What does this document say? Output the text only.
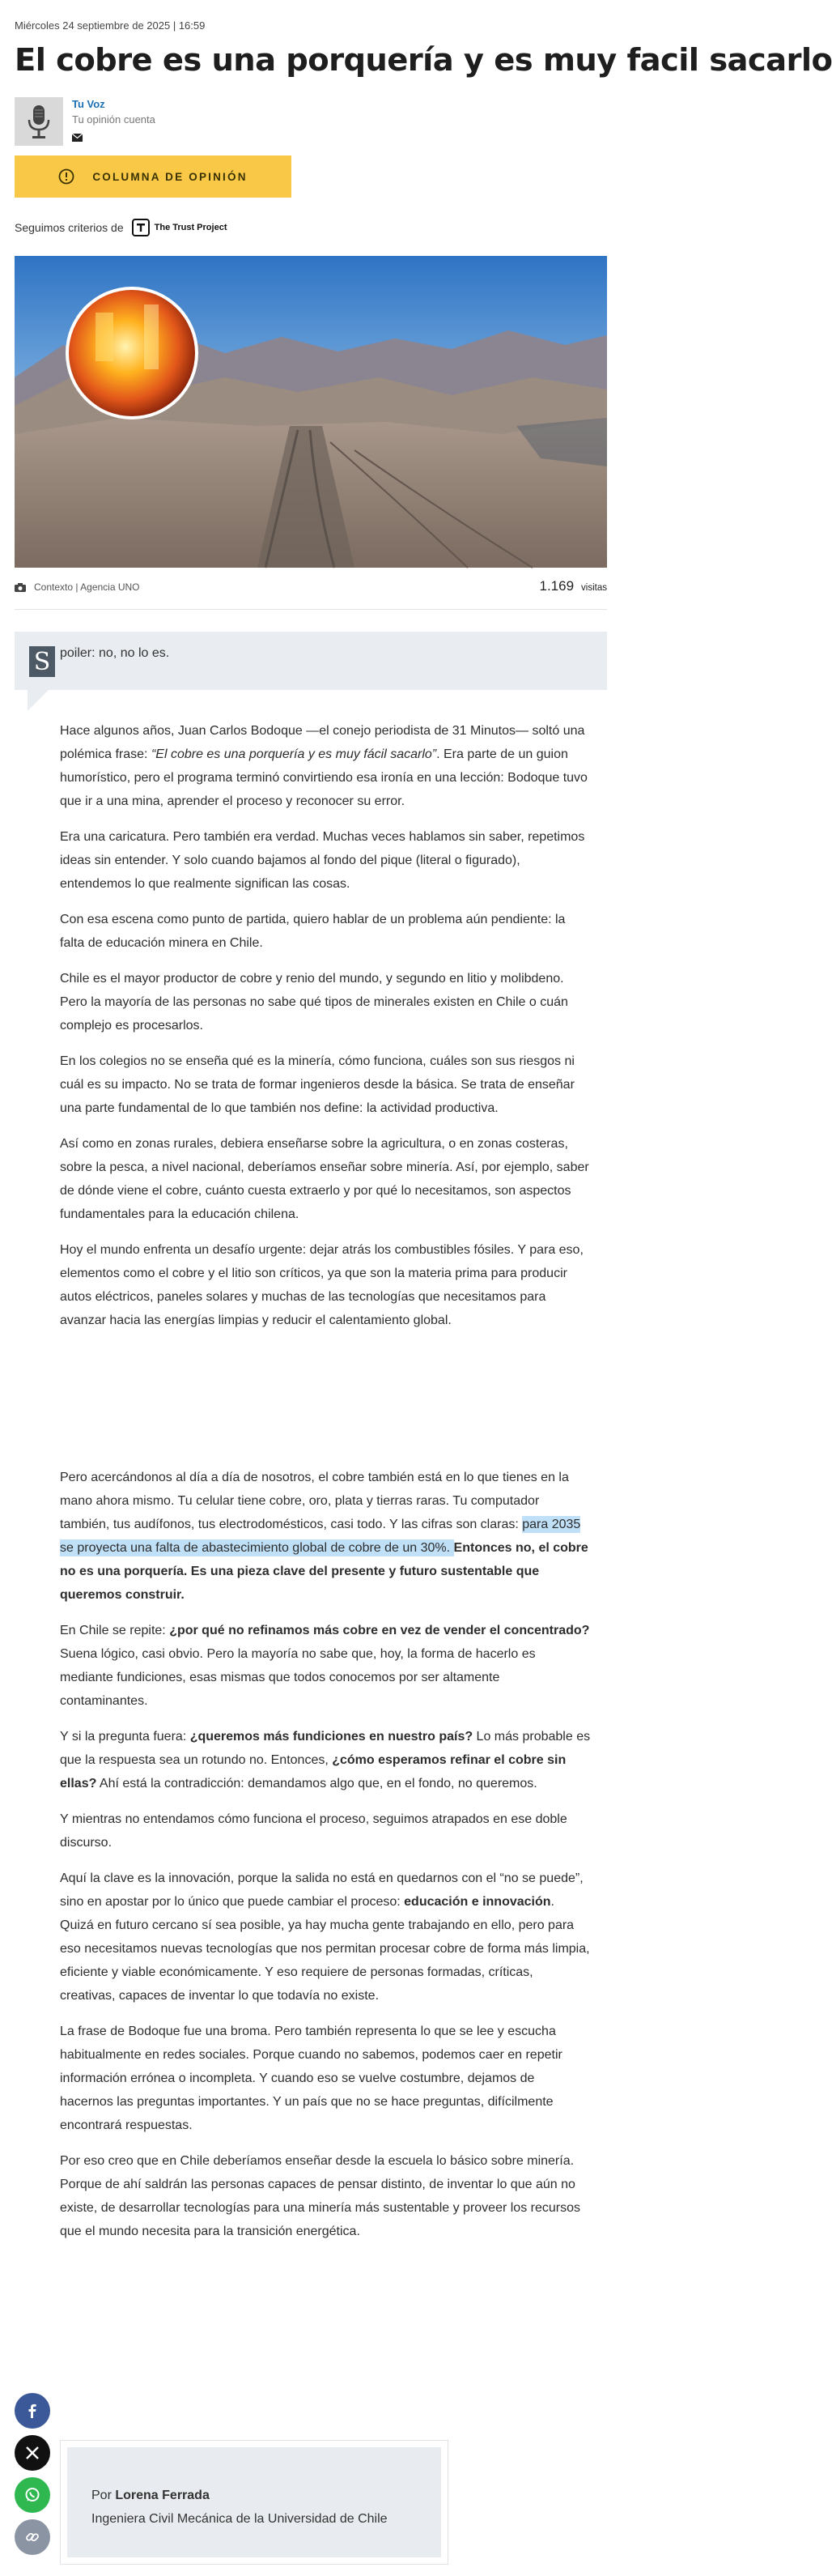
Miércoles 24 septiembre de 2025 | 16:59
El cobre es una porquería y es muy facil sacarlo
Tu Voz
Tu opinión cuenta
COLUMNA DE OPINIÓN
Seguimos criterios de	The Trust Project
Contexto | Agencia UNO	1.169 visitas
S poiler: no, no lo es.

Hace algunos años, Juan Carlos Bodoque —el conejo periodista de 31 Minutos— soltó una polémica frase: “El cobre es una porquería y es muy fácil sacarlo”. Era parte de un guion humorístico, pero el programa terminó convirtiendo esa ironía en una lección: Bodoque tuvo que ir a una mina, aprender el proceso y reconocer su error.

Era una caricatura. Pero también era verdad. Muchas veces hablamos sin saber, repetimos ideas sin entender. Y solo cuando bajamos al fondo del pique (literal o figurado), entendemos lo que realmente significan las cosas.

Con esa escena como punto de partida, quiero hablar de un problema aún pendiente: la falta de educación minera en Chile.

Chile es el mayor productor de cobre y renio del mundo, y segundo en litio y molibdeno. Pero la mayoría de las personas no sabe qué tipos de minerales existen en Chile o cuán complejo es procesarlos.

En los colegios no se enseña qué es la minería, cómo funciona, cuáles son sus riesgos ni cuál es su impacto. No se trata de formar ingenieros desde la básica. Se trata de enseñar una parte fundamental de lo que también nos define: la actividad productiva.

Así como en zonas rurales, debiera enseñarse sobre la agricultura, o en zonas costeras, sobre la pesca, a nivel nacional, deberíamos enseñar sobre minería. Así, por ejemplo, saber de dónde viene el cobre, cuánto cuesta extraerlo y por qué lo necesitamos, son aspectos fundamentales para la educación chilena.

Hoy el mundo enfrenta un desafío urgente: dejar atrás los combustibles fósiles. Y para eso, elementos como el cobre y el litio son críticos, ya que son la materia prima para producir autos eléctricos, paneles solares y muchas de las tecnologías que necesitamos para avanzar hacia las energías limpias y reducir el calentamiento global.

Pero acercándonos al día a día de nosotros, el cobre también está en lo que tienes en la mano ahora mismo. Tu celular tiene cobre, oro, plata y tierras raras. Tu computador también, tus audífonos, tus electrodomésticos, casi todo. Y las cifras son claras: para 2035 se proyecta una falta de abastecimiento global de cobre de un 30%. Entonces no, el cobre no es una porquería. Es una pieza clave del presente y futuro sustentable que queremos construir.

En Chile se repite: ¿por qué no refinamos más cobre en vez de vender el concentrado? Suena lógico, casi obvio. Pero la mayoría no sabe que, hoy, la forma de hacerlo es mediante fundiciones, esas mismas que todos conocemos por ser altamente contaminantes.

Y si la pregunta fuera: ¿queremos más fundiciones en nuestro país? Lo más probable es que la respuesta sea un rotundo no. Entonces, ¿cómo esperamos refinar el cobre sin ellas? Ahí está la contradicción: demandamos algo que, en el fondo, no queremos.

Y mientras no entendamos cómo funciona el proceso, seguimos atrapados en ese doble discurso.

Aquí la clave es la innovación, porque la salida no está en quedarnos con el “no se puede”, sino en apostar por lo único que puede cambiar el proceso: educación e innovación. Quizá en futuro cercano sí sea posible, ya hay mucha gente trabajando en ello, pero para eso necesitamos nuevas tecnologías que nos permitan procesar cobre de forma más limpia, eficiente y viable económicamente. Y eso requiere de personas formadas, críticas, creativas, capaces de inventar lo que todavía no existe.

La frase de Bodoque fue una broma. Pero también representa lo que se lee y escucha habitualmente en redes sociales. Porque cuando no sabemos, podemos caer en repetir información errónea o incompleta. Y cuando eso se vuelve costumbre, dejamos de hacernos las preguntas importantes. Y un país que no se hace preguntas, difícilmente encontrará respuestas.

Por eso creo que en Chile deberíamos enseñar desde la escuela lo básico sobre minería. Porque de ahí saldrán las personas capaces de pensar distinto, de inventar lo que aún no existe, de desarrollar tecnologías para una minería más sustentable y proveer los recursos que el mundo necesita para la transición energética.

Por Lorena Ferrada
Ingeniera Civil Mecánica de la Universidad de Chile
